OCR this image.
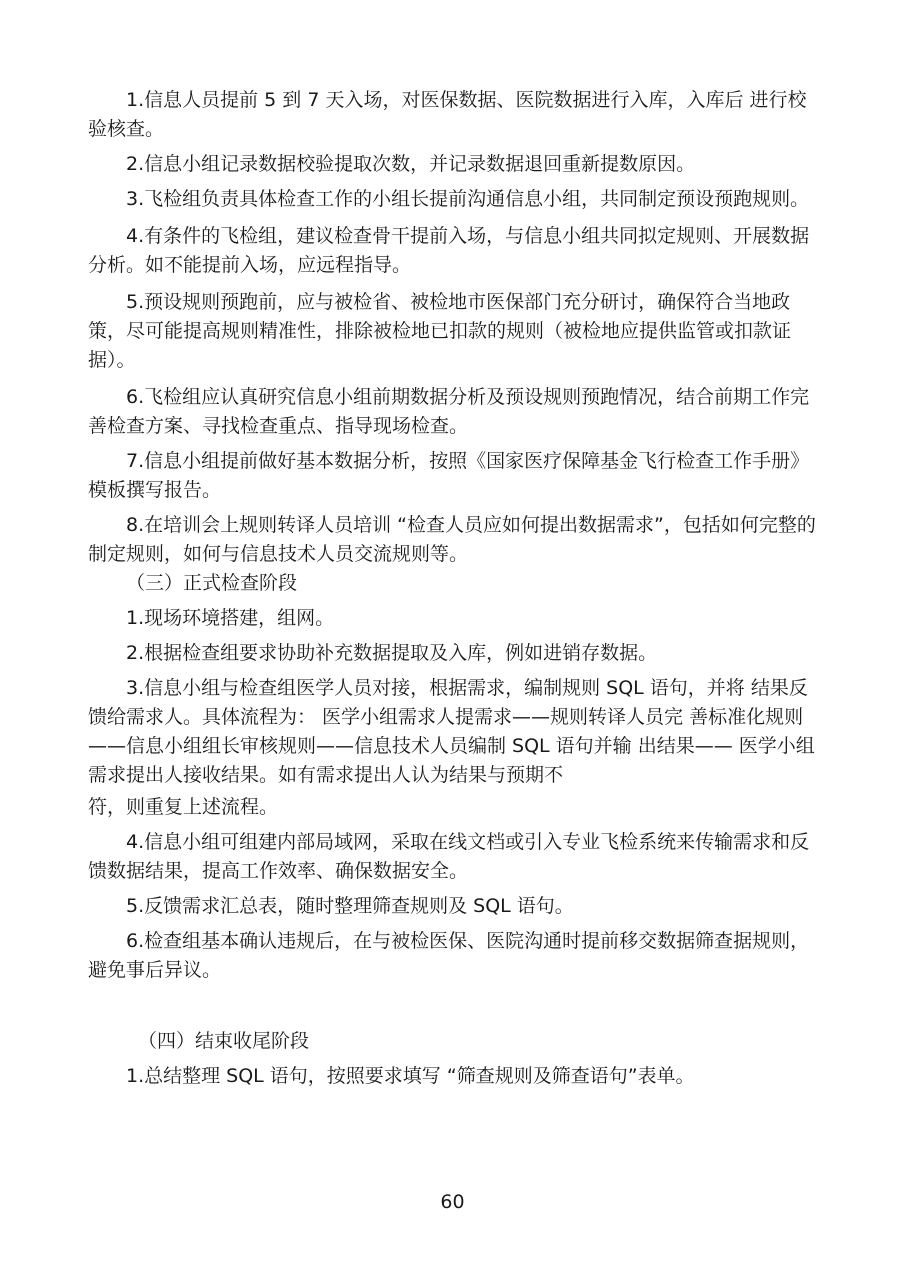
1.信息人员提前 5 到 7 天入场，对医保数据、医院数据进行入库，入库后 进行校验核查。

2.信息小组记录数据校验提取次数，并记录数据退回重新提数原因。

3.飞检组负责具体检查工作的小组长提前沟通信息小组，共同制定预设预跑规则。

4.有条件的飞检组，建议检查骨干提前入场，与信息小组共同拟定规则、开展数据分析。如不能提前入场，应远程指导。

5.预设规则预跑前，应与被检省、被检地市医保部门充分研讨，确保符合当地政策，尽可能提高规则精准性，排除被检地已扣款的规则（被检地应提供监管或扣款证据）。

6.飞检组应认真研究信息小组前期数据分析及预设规则预跑情况，结合前期工作完善检查方案、寻找检查重点、指导现场检查。

7.信息小组提前做好基本数据分析，按照《国家医疗保障基金飞行检查工作手册》模板撰写报告。

8.在培训会上规则转译人员培训 “检查人员应如何提出数据需求”，包括如何完整的制定规则，如何与信息技术人员交流规则等。

（三）正式检查阶段

1.现场环境搭建，组网。

2.根据检查组要求协助补充数据提取及入库，例如进销存数据。

3.信息小组与检查组医学人员对接，根据需求，编制规则 SQL 语句，并将 结果反馈给需求人。具体流程为： 医学小组需求人提需求——规则转译人员完 善标准化规则——信息小组组长审核规则——信息技术人员编制 SQL 语句并输 出结果—— 医学小组需求提出人接收结果。如有需求提出人认为结果与预期不

符，则重复上述流程。

4.信息小组可组建内部局域网，采取在线文档或引入专业飞检系统来传输需求和反馈数据结果，提高工作效率、确保数据安全。

5.反馈需求汇总表，随时整理筛查规则及 SQL 语句。

6.检查组基本确认违规后，在与被检医保、医院沟通时提前移交数据筛查据规则，避免事后异议。

（四）结束收尾阶段

1.总结整理 SQL 语句，按照要求填写 “筛查规则及筛查语句”表单。

60
